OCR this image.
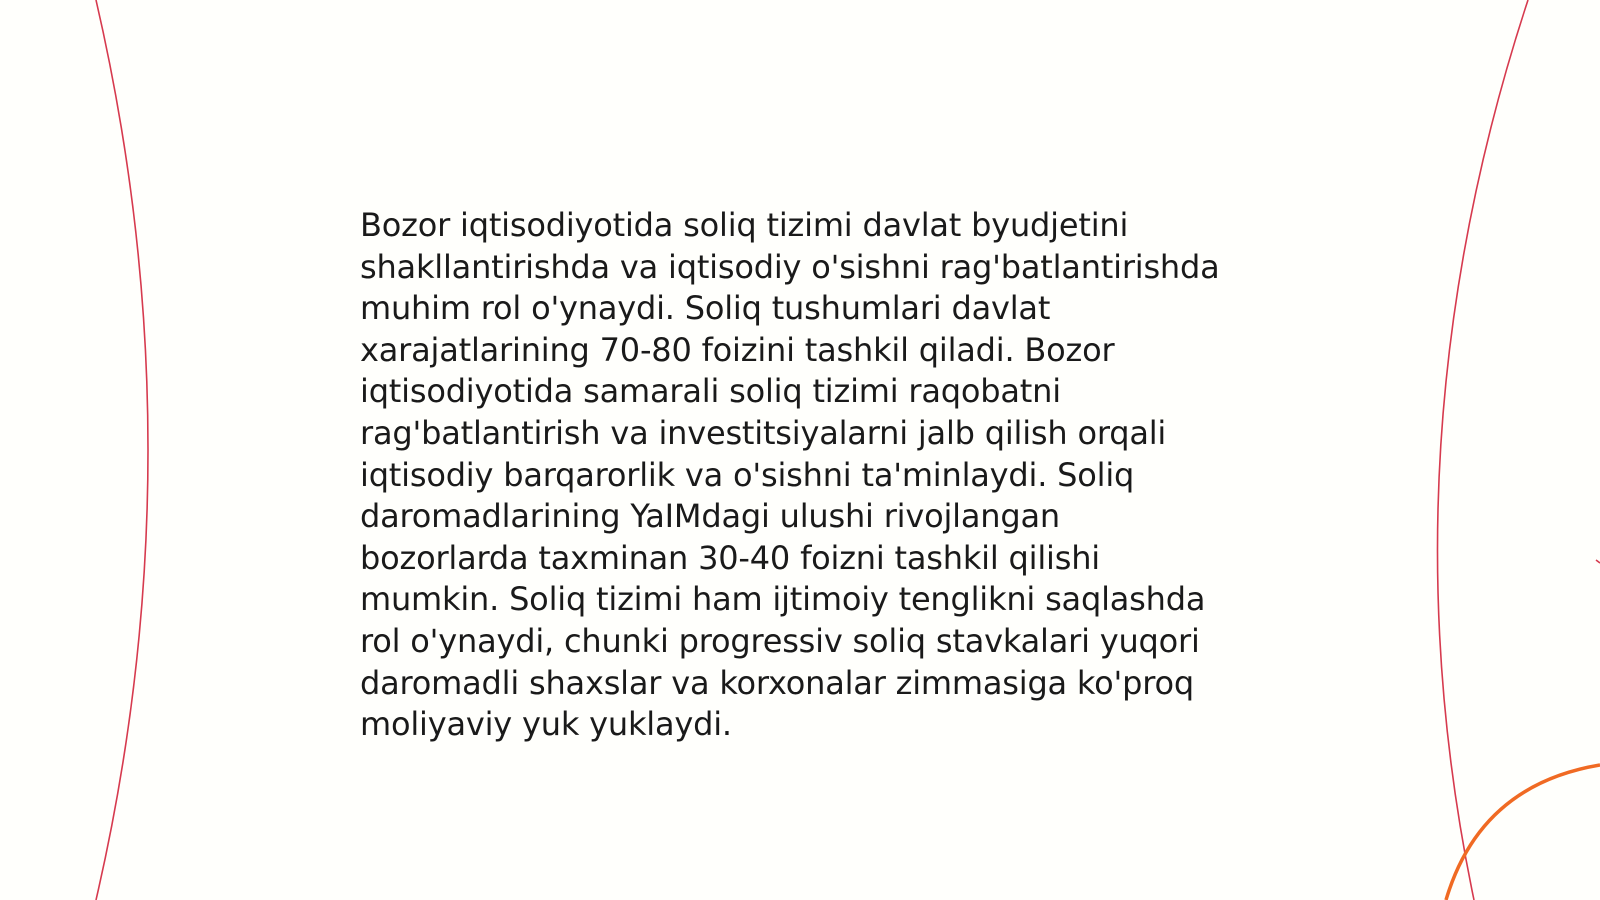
Bozor iqtisodiyotida soliq tizimi davlat byudjetini
shakllantirishda va iqtisodiy o'sishni rag'batlantirishda
muhim rol o'ynaydi. Soliq tushumlari davlat
xarajatlarining 70-80 foizini tashkil qiladi. Bozor
iqtisodiyotida samarali soliq tizimi raqobatni
rag'batlantirish va investitsiyalarni jalb qilish orqali
iqtisodiy barqarorlik va o'sishni ta'minlaydi. Soliq
daromadlarining YaIMdagi ulushi rivojlangan
bozorlarda taxminan 30-40 foizni tashkil qilishi
mumkin. Soliq tizimi ham ijtimoiy tenglikni saqlashda
rol o'ynaydi, chunki progressiv soliq stavkalari yuqori
daromadli shaxslar va korxonalar zimmasiga ko'proq
moliyaviy yuk yuklaydi.
